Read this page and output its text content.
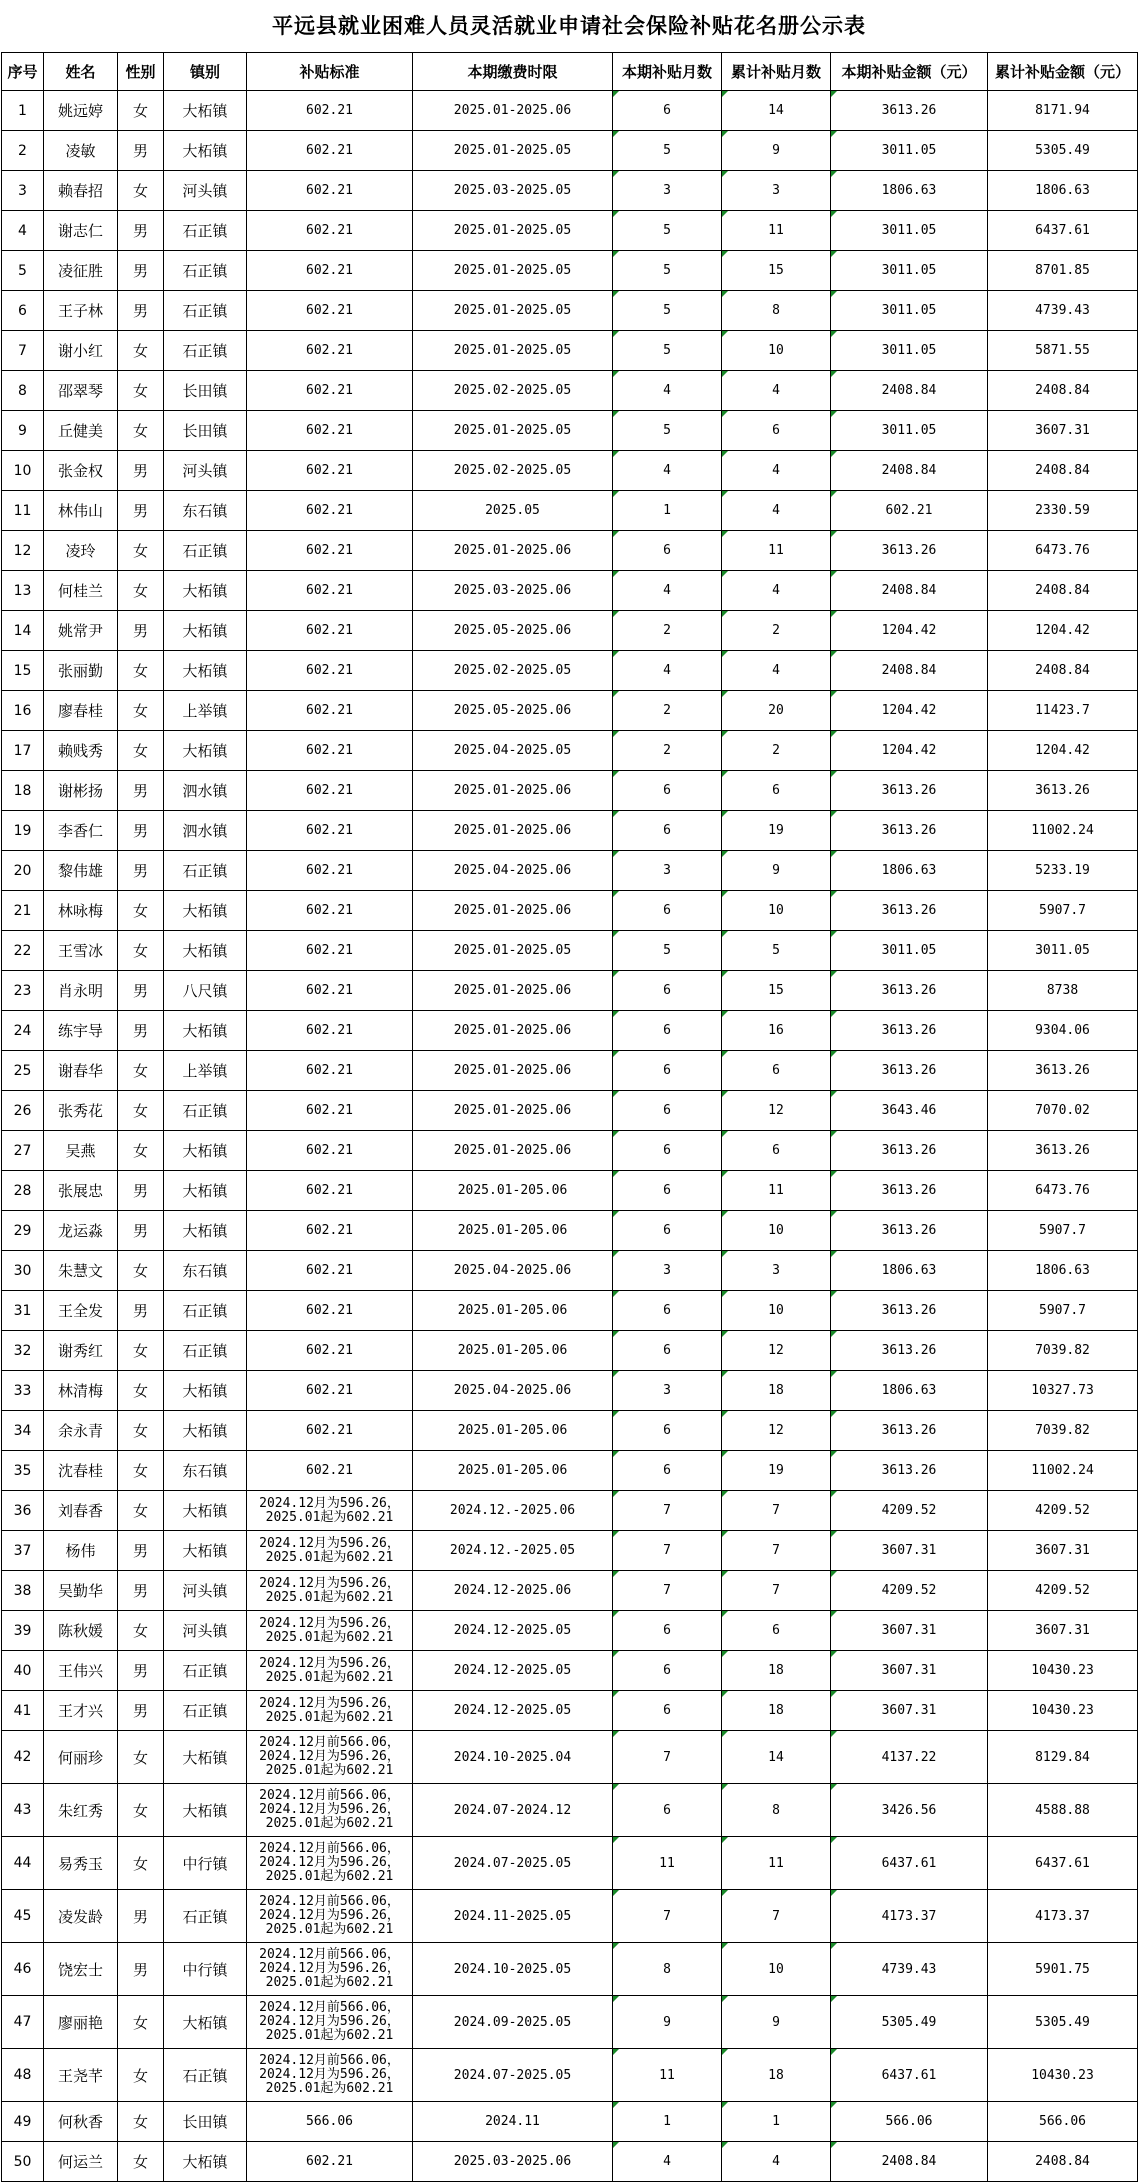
平远县就业困难人员灵活就业申请社会保险补贴花名册公示表
序号	姓名	性别	镇别	补贴标准	本期缴费时限	本期补贴月数	累计补贴月数	本期补贴金额（元）	累计补贴金额（元）
1	姚远婷	女	大柘镇	602.21	2025.01-2025.06	6	14	3613.26	8171.94
2	凌敏	男	大柘镇	602.21	2025.01-2025.05	5	9	3011.05	5305.49
3	赖春招	女	河头镇	602.21	2025.03-2025.05	3	3	1806.63	1806.63
4	谢志仁	男	石正镇	602.21	2025.01-2025.05	5	11	3011.05	6437.61
5	凌征胜	男	石正镇	602.21	2025.01-2025.05	5	15	3011.05	8701.85
6	王子林	男	石正镇	602.21	2025.01-2025.05	5	8	3011.05	4739.43
7	谢小红	女	石正镇	602.21	2025.01-2025.05	5	10	3011.05	5871.55
8	邵翠琴	女	长田镇	602.21	2025.02-2025.05	4	4	2408.84	2408.84
9	丘健美	女	长田镇	602.21	2025.01-2025.05	5	6	3011.05	3607.31
10	张金权	男	河头镇	602.21	2025.02-2025.05	4	4	2408.84	2408.84
11	林伟山	男	东石镇	602.21	2025.05	1	4	602.21	2330.59
12	凌玲	女	石正镇	602.21	2025.01-2025.06	6	11	3613.26	6473.76
13	何桂兰	女	大柘镇	602.21	2025.03-2025.06	4	4	2408.84	2408.84
14	姚常尹	男	大柘镇	602.21	2025.05-2025.06	2	2	1204.42	1204.42
15	张丽勤	女	大柘镇	602.21	2025.02-2025.05	4	4	2408.84	2408.84
16	廖春桂	女	上举镇	602.21	2025.05-2025.06	2	20	1204.42	11423.7
17	赖贱秀	女	大柘镇	602.21	2025.04-2025.05	2	2	1204.42	1204.42
18	谢彬扬	男	泗水镇	602.21	2025.01-2025.06	6	6	3613.26	3613.26
19	李香仁	男	泗水镇	602.21	2025.01-2025.06	6	19	3613.26	11002.24
20	黎伟雄	男	石正镇	602.21	2025.04-2025.06	3	9	1806.63	5233.19
21	林咏梅	女	大柘镇	602.21	2025.01-2025.06	6	10	3613.26	5907.7
22	王雪冰	女	大柘镇	602.21	2025.01-2025.05	5	5	3011.05	3011.05
23	肖永明	男	八尺镇	602.21	2025.01-2025.06	6	15	3613.26	8738
24	练宇导	男	大柘镇	602.21	2025.01-2025.06	6	16	3613.26	9304.06
25	谢春华	女	上举镇	602.21	2025.01-2025.06	6	6	3613.26	3613.26
26	张秀花	女	石正镇	602.21	2025.01-2025.06	6	12	3643.46	7070.02
27	吴燕	女	大柘镇	602.21	2025.01-2025.06	6	6	3613.26	3613.26
28	张展忠	男	大柘镇	602.21	2025.01-205.06	6	11	3613.26	6473.76
29	龙运淼	男	大柘镇	602.21	2025.01-205.06	6	10	3613.26	5907.7
30	朱慧文	女	东石镇	602.21	2025.04-2025.06	3	3	1806.63	1806.63
31	王全发	男	石正镇	602.21	2025.01-205.06	6	10	3613.26	5907.7
32	谢秀红	女	石正镇	602.21	2025.01-205.06	6	12	3613.26	7039.82
33	林清梅	女	大柘镇	602.21	2025.04-2025.06	3	18	1806.63	10327.73
34	余永青	女	大柘镇	602.21	2025.01-205.06	6	12	3613.26	7039.82
35	沈春桂	女	东石镇	602.21	2025.01-205.06	6	19	3613.26	11002.24
36	刘春香	女	大柘镇	2024.12月为596.26，
2025.01起为602.21	2024.12.-2025.06	7	7	4209.52	4209.52
37	杨伟	男	大柘镇	2024.12月为596.26，
2025.01起为602.21	2024.12.-2025.05	7	7	3607.31	3607.31
38	吴勤华	男	河头镇	2024.12月为596.26，
2025.01起为602.21	2024.12-2025.06	7	7	4209.52	4209.52
39	陈秋媛	女	河头镇	2024.12月为596.26，
2025.01起为602.21	2024.12-2025.05	6	6	3607.31	3607.31
40	王伟兴	男	石正镇	2024.12月为596.26，
2025.01起为602.21	2024.12-2025.05	6	18	3607.31	10430.23
41	王才兴	男	石正镇	2024.12月为596.26，
2025.01起为602.21	2024.12-2025.05	6	18	3607.31	10430.23
42	何丽珍	女	大柘镇	2024.12月前566.06，
2024.12月为596.26，
2025.01起为602.21	2024.10-2025.04	7	14	4137.22	8129.84
43	朱红秀	女	大柘镇	2024.12月前566.06，
2024.12月为596.26，
2025.01起为602.21	2024.07-2024.12	6	8	3426.56	4588.88
44	易秀玉	女	中行镇	2024.12月前566.06，
2024.12月为596.26，
2025.01起为602.21	2024.07-2025.05	11	11	6437.61	6437.61
45	凌发龄	男	石正镇	2024.12月前566.06，
2024.12月为596.26，
2025.01起为602.21	2024.11-2025.05	7	7	4173.37	4173.37
46	饶宏士	男	中行镇	2024.12月前566.06，
2024.12月为596.26，
2025.01起为602.21	2024.10-2025.05	8	10	4739.43	5901.75
47	廖丽艳	女	大柘镇	2024.12月前566.06，
2024.12月为596.26，
2025.01起为602.21	2024.09-2025.05	9	9	5305.49	5305.49
48	王尧芊	女	石正镇	2024.12月前566.06，
2024.12月为596.26，
2025.01起为602.21	2024.07-2025.05	11	18	6437.61	10430.23
49	何秋香	女	长田镇	566.06	2024.11	1	1	566.06	566.06
50	何运兰	女	大柘镇	602.21	2025.03-2025.06	4	4	2408.84	2408.84
